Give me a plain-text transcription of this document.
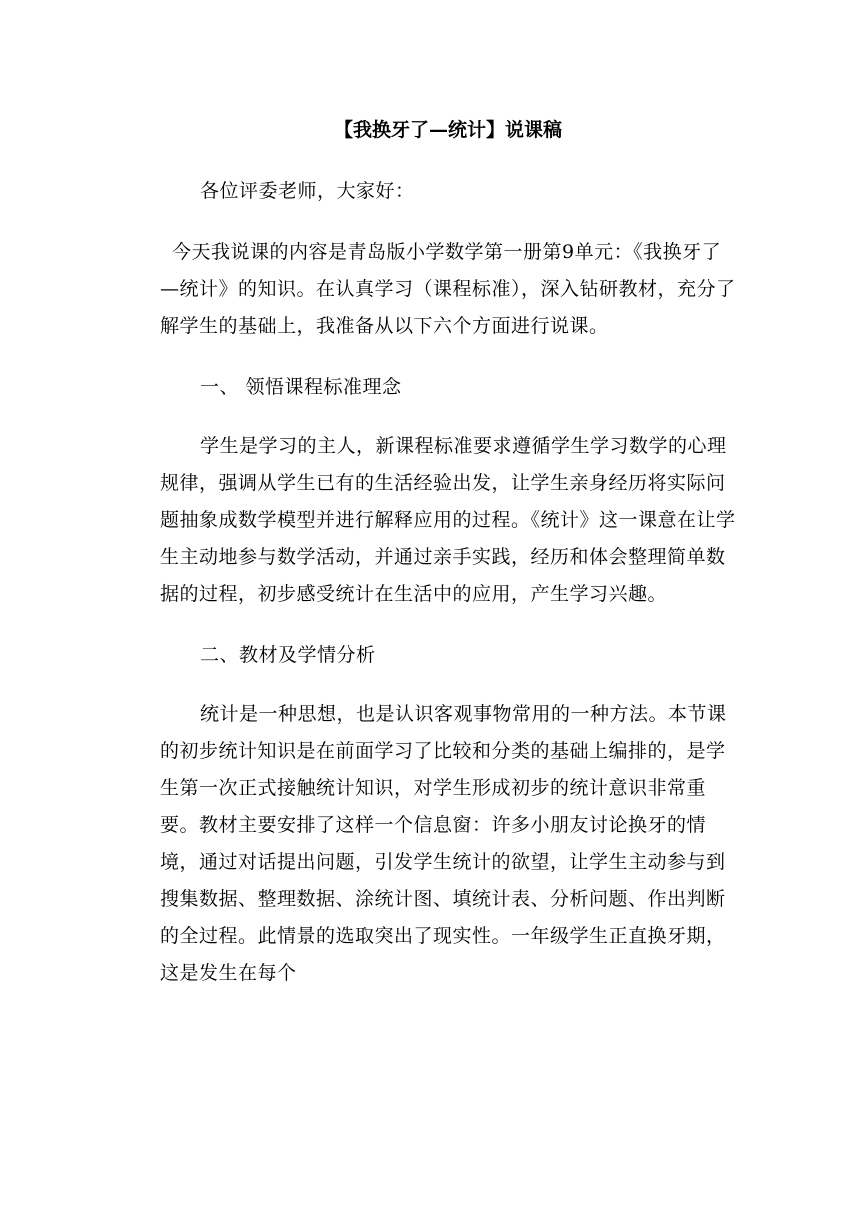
【我换牙了—统计】说课稿

各位评委老师，大家好：

今天我说课的内容是青岛版小学数学第一册第9单元：《我换牙了—统计》的知识。在认真学习（课程标准），深入钻研教材，充分了解学生的基础上，我准备从以下六个方面进行说课。

一、 领悟课程标准理念

学生是学习的主人，新课程标准要求遵循学生学习数学的心理规律，强调从学生已有的生活经验出发，让学生亲身经历将实际问题抽象成数学模型并进行解释应用的过程。《统计》这一课意在让学生主动地参与数学活动，并通过亲手实践，经历和体会整理简单数据的过程，初步感受统计在生活中的应用，产生学习兴趣。

二、教材及学情分析

统计是一种思想，也是认识客观事物常用的一种方法。本节课的初步统计知识是在前面学习了比较和分类的基础上编排的，是学生第一次正式接触统计知识，对学生形成初步的统计意识非常重要。教材主要安排了这样一个信息窗：许多小朋友讨论换牙的情境，通过对话提出问题，引发学生统计的欲望，让学生主动参与到搜集数据、整理数据、涂统计图、填统计表、分析问题、作出判断的全过程。此情景的选取突出了现实性。一年级学生正直换牙期，这是发生在每个
